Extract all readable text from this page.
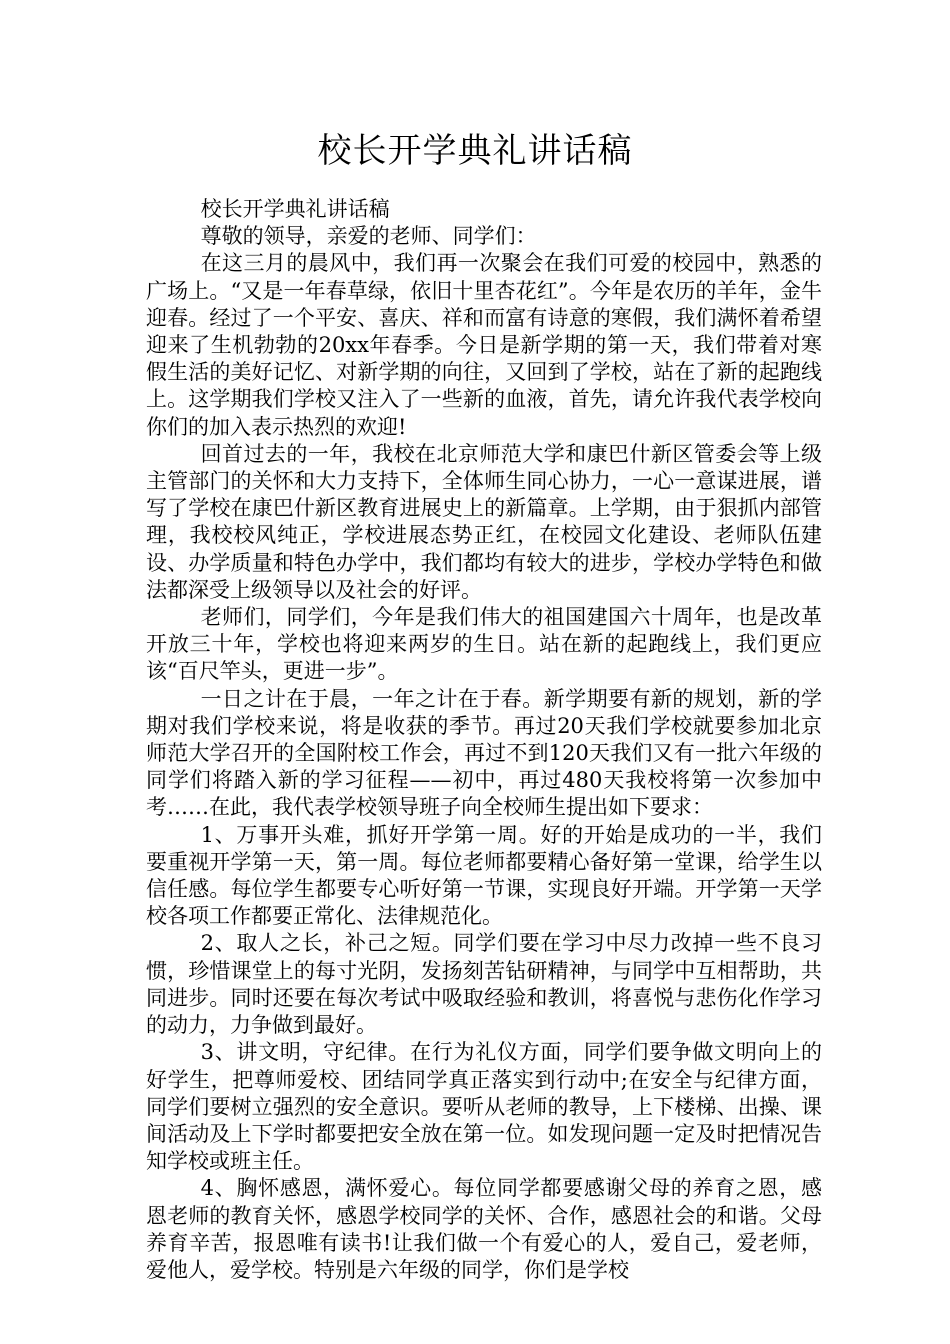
校长开学典礼讲话稿

校长开学典礼讲话稿

尊敬的领导，亲爱的老师、同学们：

在这三月的晨风中，我们再一次聚会在我们可爱的校园中，熟悉的广场上。“又是一年春草绿，依旧十里杏花红”。今年是农历的羊年，金牛迎春。经过了一个平安、喜庆、祥和而富有诗意的寒假，我们满怀着希望迎来了生机勃勃的20xx年春季。今日是新学期的第一天，我们带着对寒假生活的美好记忆、对新学期的向往，又回到了学校，站在了新的起跑线上。这学期我们学校又注入了一些新的血液，首先，请允许我代表学校向你们的加入表示热烈的欢迎!

回首过去的一年，我校在北京师范大学和康巴什新区管委会等上级主管部门的关怀和大力支持下，全体师生同心协力，一心一意谋进展，谱写了学校在康巴什新区教育进展史上的新篇章。上学期，由于狠抓内部管理，我校校风纯正，学校进展态势正红，在校园文化建设、老师队伍建设、办学质量和特色办学中，我们都均有较大的进步，学校办学特色和做法都深受上级领导以及社会的好评。

老师们，同学们，今年是我们伟大的祖国建国六十周年，也是改革开放三十年，学校也将迎来两岁的生日。站在新的起跑线上，我们更应该“百尺竿头，更进一步”。

一日之计在于晨，一年之计在于春。新学期要有新的规划，新的学期对我们学校来说，将是收获的季节。再过20天我们学校就要参加北京师范大学召开的全国附校工作会，再过不到120天我们又有一批六年级的同学们将踏入新的学习征程——初中，再过480天我校将第一次参加中考……在此，我代表学校领导班子向全校师生提出如下要求：

1、万事开头难，抓好开学第一周。好的开始是成功的一半，我们要重视开学第一天，第一周。每位老师都要精心备好第一堂课，给学生以信任感。每位学生都要专心听好第一节课，实现良好开端。开学第一天学校各项工作都要正常化、法律规范化。

2、取人之长，补己之短。同学们要在学习中尽力改掉一些不良习惯，珍惜课堂上的每寸光阴，发扬刻苦钻研精神，与同学中互相帮助，共同进步。同时还要在每次考试中吸取经验和教训，将喜悦与悲伤化作学习的动力，力争做到最好。

3、讲文明，守纪律。在行为礼仪方面，同学们要争做文明向上的好学生，把尊师爱校、团结同学真正落实到行动中;在安全与纪律方面，同学们要树立强烈的安全意识。要听从老师的教导，上下楼梯、出操、课间活动及上下学时都要把安全放在第一位。如发现问题一定及时把情况告知学校或班主任。

4、胸怀感恩，满怀爱心。每位同学都要感谢父母的养育之恩，感恩老师的教育关怀，感恩学校同学的关怀、合作，感恩社会的和谐。父母养育辛苦，报恩唯有读书!让我们做一个有爱心的人，爱自己，爱老师，爱他人，爱学校。特别是六年级的同学，你们是学校
